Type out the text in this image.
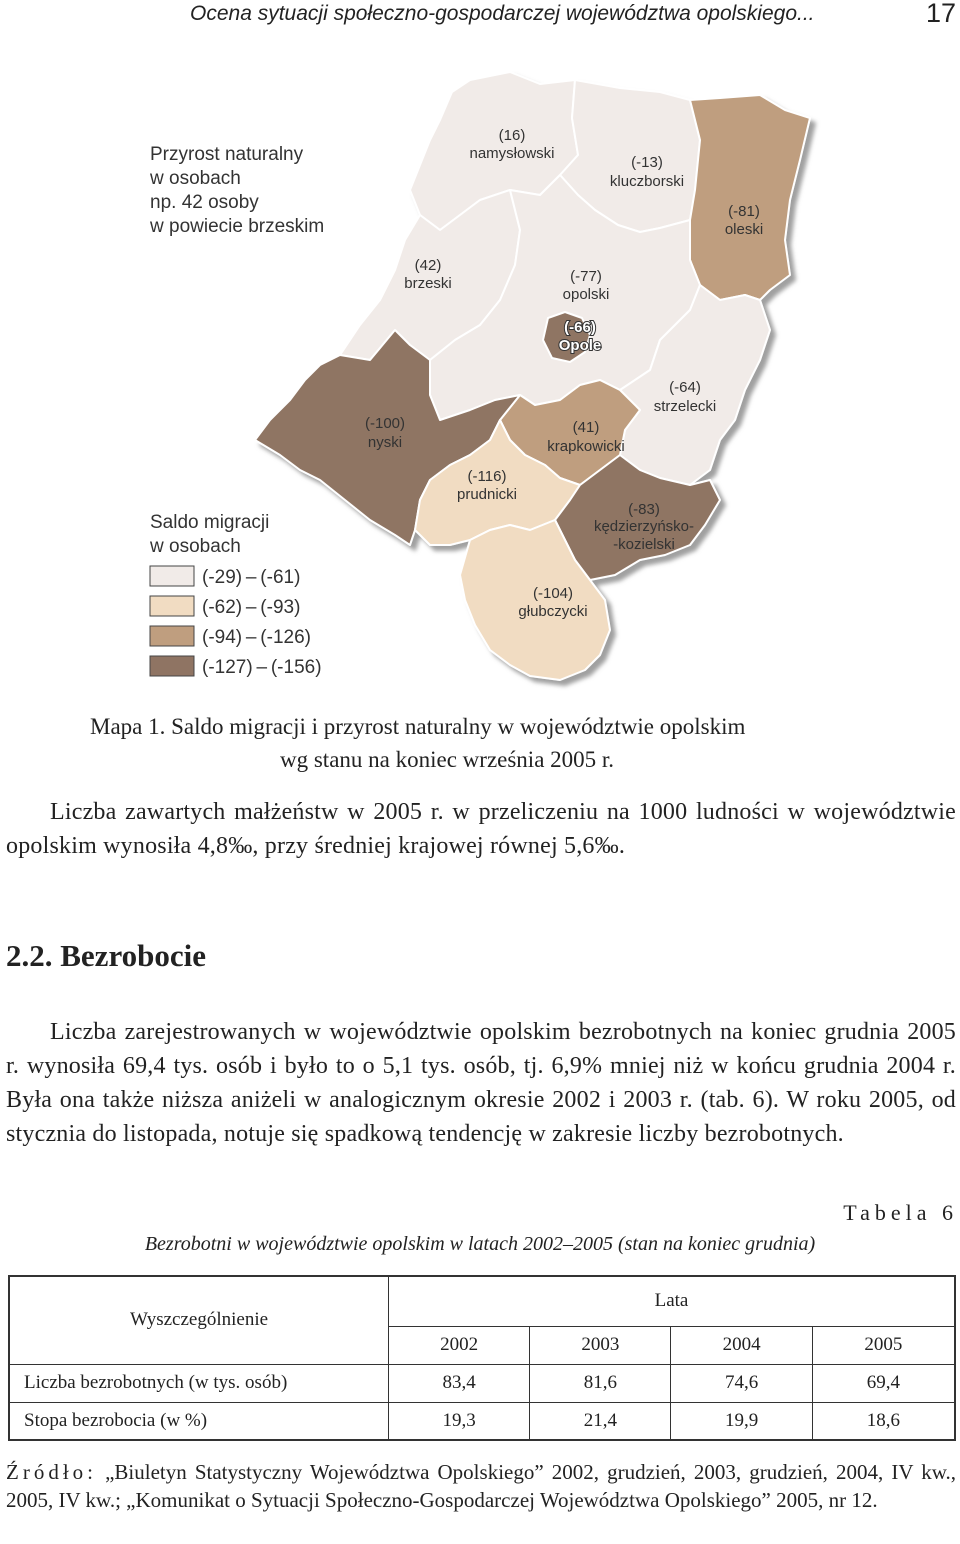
Ocena sytuacji społeczno-gospodarczej województwa opolskiego...	17
Przyrost naturalny
w osobach
np. 42 osoby
w powiecie brzeskim
Saldo migracji
w osobach
(-29) – (-61)
(-62) – (-93)
(-94) – (-126)
(-127) – (-156)
(16)
namysłowski
(-13)
kluczborski
(-81)
oleski
(42)
brzeski	(-77)
opolski
(-66)
Opole
(-100)
nyski
(41)
krapkowicki
(-64)
strzelecki
(-116)
prudnicki
(-83)
kędzierzyńsko-
-kozielski
(-104)
głubczycki
Mapa 1. Saldo migracji i przyrost naturalny w województwie opolskim
wg stanu na koniec września 2005 r.
Liczba zawartych małżeństw w 2005 r. w przeliczeniu na 1000 ludności w województwie opolskim wynosiła 4,8‰, przy średniej krajowej równej 5,6‰.
2.2. Bezrobocie
Liczba zarejestrowanych w województwie opolskim bezrobotnych na koniec grudnia 2005 r. wynosiła 69,4 tys. osób i było to o 5,1 tys. osób, tj. 6,9% mniej niż w końcu grudnia 2004 r. Była ona także niższa aniżeli w analogicznym okresie 2002 i 2003 r. (tab. 6). W roku 2005, od stycznia do listopada, notuje się spadkową tendencję w zakresie liczby bezrobotnych.
Tabela 6
Bezrobotni w województwie opolskim w latach 2002–2005 (stan na koniec grudnia)
Wyszczególnienie	Lata			
	2002	2003	2004	2005
Liczba bezrobotnych (w tys. osób)	83,4	81,6	74,6	69,4
Stopa bezrobocia (w %)	19,3	21,4	19,9	18,6
Źródło: „Biuletyn Statystyczny Województwa Opolskiego” 2002, grudzień, 2003, grudzień, 2004, IV kw., 2005, IV kw.; „Komunikat o Sytuacji Społeczno-Gospodarczej Województwa Opolskiego” 2005, nr 12.
